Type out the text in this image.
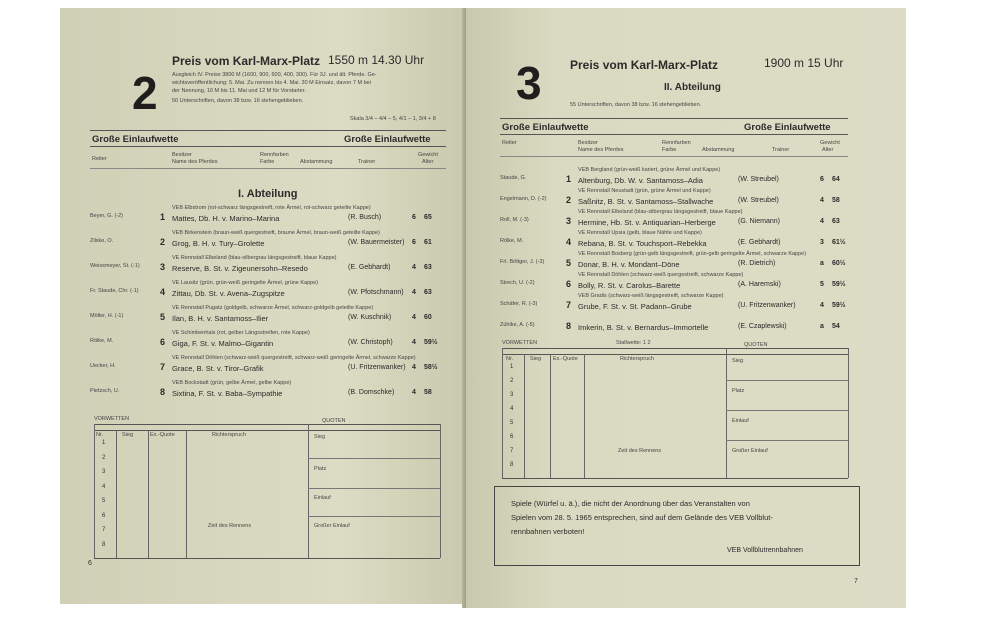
2
Preis vom Karl-Marx-Platz 1550 m 14.30 Uhr
Ausgleich IV. Preise 3800 M (1600, 900, 600, 400, 300). Für 3J. und ält. Pferde. Ge-
wichtsveröffentlichung: 5. Mai. Zu nennen bis 4. Mai. 30 M Einsatz, davon 7 M bei
der Nennung, 10 M bis 11. Mai und 12 M für Vorstarter.
50 Unterschriften, davon 38 bzw. 16 stehengeblieben.
Skala 3/4 – 4/4 – 5, 4/1 – 1, 3/4 + 8
Große Einlaufwette	Große Einlaufwette
Reiter
Besitzer
Name des Pferdes
Rennfarben
Farbe	Abstammung	Trainer
Gewicht
Alter
I. Abteilung
VEB Elbstrom (rot-schwarz längsgestreift, rote Ärmel, rot-schwarz geteilte Kappe)
Beyer, G. (-2)	1 Mattes, Db. H. v. Marino–Marina	(R. Busch)	6 65
VEB Birkenstein (braun-weiß quergestreift, braune Ärmel, braun-weiß geteilte Kappe)
Zilske, O.	2 Grog, B. H. v. Tury–Grolette	(W. Bauermeister) 6 61
VE Rennstall Elbeland (blau-silbergrau längsgestreift, blaue Kappe)
Weissmeyer, St. (-1) 3 Reserve, B. St. v. Zigeunersohn–Resedo	(E. Gebhardt)	4 63
VE Lausitz (grün, grün-weiß geringelte Ärmel, grüne Kappe)
Fr. Staude, Chr. (-1) 4 Zittau, Db. St. v. Avena–Zugspitze	(W. Pfotschmann) 4 63
VE Rennstall Pugatz (goldgelb, schwarze Ärmel, schwarz-goldgelb geteilte Kappe)
Möller, H. (-1)	5 Ilan, B. H. v. Santamoss–Ilier	(W. Kuschnik)	4 60
VE Schimbenhals (rot, gelber Längsstreifen, rote Kappe)
Rölke, M.	6 Giga, F. St. v. Malmo–Gigantin	(W. Christoph)	4 59½
VE Rennstall Döhlen (schwarz-weiß quergestreift, schwarz-weiß geringelte Ärmel, schwarze Kappe)
Uecker, H.	7 Grace, B. St. v. Tiror–Grafik	(U. Fritzenwanker) 4 58½
VEB Bockstadt (grün, gelbe Ärmel, gelbe Kappe)
Pietzsch, U.	8 Sixtina, F. St. v. Baba–Sympathie	(B. Domschke)	4 58
VORWETTEN	QUOTEN
Nr.	Sieg	Ex.-Quote	Richterspruch	Sieg
Platz
Einlauf
Großer Einlauf
Zeit des Rennens
1
2
3
4
5
6
7
8
6
3 Preis vom Karl-Marx-Platz	1900 m 15 Uhr
II. Abteilung
55 Unterschriften, davon 38 bzw. 16 stehengeblieben.
Große Einlaufwette	Große Einlaufwette
Reiter	Besitzer
Name des Pferdes
Rennfarben
Farbe	Abstammung	Trainer
Gewicht
Alter
VEB Bergland (grün-weiß kariert, grüne Ärmel und Kappe)
Staude, G.	1 Altenburg, Db. W. v. Santamoss–Adia	(W. Streubel)	6 64
VE Rennstall Neustadt (grün, grüne Ärmel und Kappe)
Engelmann, D. (-2) 2 Saßnitz, B. St. v. Santamoss–Stallwache	(W. Streubel)	4 58
VE Rennstall Elbeland (blau-silbergrau längsgestreift, blaue Kappe)
Roll, M. (-3)	3 Hermine, Hb. St. v. Antiquarian–Herberge	(G. Niemann)	4 63
VE Rennstall Upsia (gelb, blaue Nähte und Kappe)
Rölke, M.	4 Rebana, B. St. v. Touchsport–Rebekka	(E. Gebhardt)	3 61½
VE Rennstall Bosberg (grün-gelb längsgestreift, grün-gelb geringelte Ärmel, schwarze Kappe)
Frl. Böttger, J. (-3) 5 Donar, B. H. v. Mondant–Döne	(R. Dietrich)	a 60½
VE Rennstall Döhlen (schwarz-weiß quergestreift, schwarze Kappe)
Strech, U. (-2)	6 Bolly, R. St. v. Carolus–Barette	(A. Haremski)	5 59½
VEB Gradis (schwarz-weiß längsgestreift, schwarze Kappe)
Schäfer, R. (-3)	7 Grube, F. St. v. St. Padann–Grube	(U. Fritzenwanker)	4 59½
Zühlke, A. (-5)	8 Imkerin, B. St. v. Bernardus–Immortelle	(E. Czaplewski)	a 54
VORWETTEN	Stallwette: 1 2	QUOTEN
Nr.	Sieg Ex.-Quote	Richterspruch	Sieg
Platz
Einlauf
Großer Einlauf
Zeit des Rennens
1
2
3
4
5
6
7
8
Spiele (Würfel u. ä.), die nicht der Anordnung über das Veranstalten von
Spielen vom 28. 5. 1965 entsprechen, sind auf dem Gelände des VEB Vollblut-
rennbahnen verboten!
VEB Vollblutrennbahnen
7
